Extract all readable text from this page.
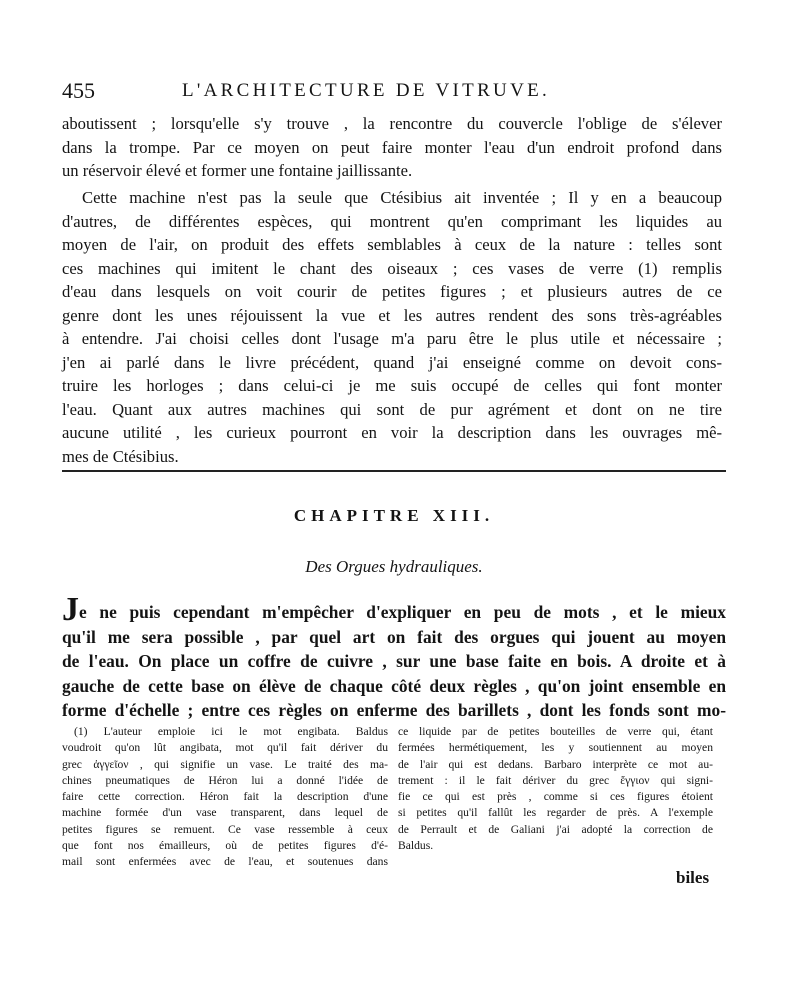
455	L'ARCHITECTURE DE VITRUVE.

aboutissent ; lorsqu'elle s'y trouve , la rencontre du couvercle l'oblige de s'élever
dans la trompe. Par ce moyen on peut faire monter l'eau d'un endroit profond dans
un réservoir élevé et former une fontaine jaillissante.

Cette machine n'est pas la seule que Ctésibius ait inventée ; Il y en a beaucoup
d'autres, de différentes espèces, qui montrent qu'en comprimant les liquides au
moyen de l'air, on produit des effets semblables à ceux de la nature : telles sont
ces machines qui imitent le chant des oiseaux ; ces vases de verre (1) remplis
d'eau dans lesquels on voit courir de petites figures ; et plusieurs autres de ce
genre dont les unes réjouissent la vue et les autres rendent des sons très-agréables
à entendre. J'ai choisi celles dont l'usage m'a paru être le plus utile et nécessaire ;
j'en ai parlé dans le livre précédent, quand j'ai enseigné comme on devoit cons-
truire les horloges ; dans celui-ci je me suis occupé de celles qui font monter
l'eau. Quant aux autres machines qui sont de pur agrément et dont on ne tire
aucune utilité , les curieux pourront en voir la description dans les ouvrages mê-
mes de Ctésibius.

CHAPITRE XIII.
Des Orgues hydrauliques.

Je ne puis cependant m'empêcher d'expliquer en peu de mots , et le mieux
qu'il me sera possible , par quel art on fait des orgues qui jouent au moyen
de l'eau. On place un coffre de cuivre , sur une base faite en bois. A droite et à
gauche de cette base on élève de chaque côté deux règles , qu'on joint ensemble en
forme d'échelle ; entre ces règles on enferme des barillets , dont les fonds sont mo-

(1) L'auteur emploie ici le mot engibata. Baldus
voudroit qu'on lût angibata, mot qu'il fait dériver du
grec ἀγγεῖον , qui signifie un vase. Le traité des ma-
chines pneumatiques de Héron lui a donné l'idée de
faire cette correction. Héron fait la description d'une
machine formée d'un vase transparent, dans lequel de
petites figures se remuent. Ce vase ressemble à ceux
que font nos émailleurs, où de petites figures d'é-
mail sont enfermées avec de l'eau, et soutenues dans
ce liquide par de petites bouteilles de verre qui, étant
fermées hermétiquement, les y soutiennent au moyen
de l'air qui est dedans. Barbaro interprète ce mot au-
trement : il le fait dériver du grec ἔγγιον qui signi-
fie ce qui est près , comme si ces figures étoient
si petites qu'il fallût les regarder de près. A l'exemple
de Perrault et de Galiani j'ai adopté la correction de
Baldus.
biles
